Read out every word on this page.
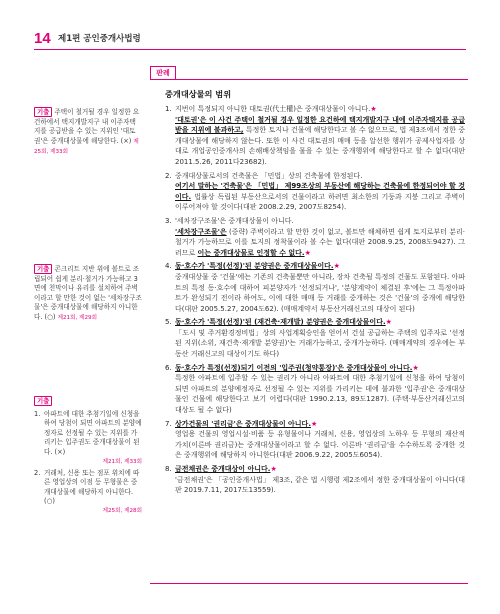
14 제1편 공인중개사법령
기출 주택이 철거될 경우 일정한 요건하에서 택지개발지구 내 이주자택지를 공급받을 수 있는 지위인 '대토권'은 중개대상물에 해당한다. (×) 제25회, 제33회
기출 콘크리트 지반 위에 볼트로 조립되어 쉽게 분리·철거가 가능하고 3면에 천막이나 유리를 설치하여 주벽이라고 할 만한 것이 없는 '세차장구조물'은 중개대상물에 해당하지 아니한다. (○) 제21회, 제29회
기출
1. 아파트에 대한 추첨기일에 신청을 하여 당첨이 되면 아파트의 분양예정자로 선정될 수 있는 지위를 가리키는 입주권도 중개대상물이 된다. (×)
제21회, 제33회
2. 거래처, 신용 또는 점포 위치에 따른 영업상의 이점 등 무형물은 중개대상물에 해당하지 아니한다. (○)
제25회, 제28회
판례
중개대상물의 범위
1. 지번이 특정되지 아니한 대토권(代土權)은 중개대상물이 아니다.★
'대토권'은 이 사건 주택이 철거될 경우 일정한 요건하에 택지개발지구 내에 이주자택지를 공급받을 지위에 불과하고, 특정한 토지나 건물에 해당한다고 볼 수 없으므로, 법 제3조에서 정한 중개대상물에 해당하지 않는다. 또한 이 사건 대토권의 매매 등을 알선한 행위가 공제사업자를 상대로 개업공인중개사의 손해배상책임을 물을 수 있는 중개행위에 해당한다고 할 수 없다(대판 2011.5.26, 2011다23682).
2. 중개대상물로서의 건축물은 「민법」상의 건축물에 한정된다.
여기서 말하는 '건축물'은 「민법」 제99조상의 부동산에 해당하는 건축물에 한정되어야 할 것이다. 법률상 독립된 부동산으로서의 건물이라고 하려면 최소한의 기둥과 지붕 그리고 주벽이 이루어져야 할 것이다(대판 2008.2.29, 2007도8254).
3. '세차장구조물'은 중개대상물이 아니다.
'세차장구조물'은 (중략) 주벽이라고 할 만한 것이 없고, 볼트만 해체하면 쉽게 토지로부터 분리·철거가 가능하므로 이를 토지의 정착물이라 볼 수는 없다(대판 2008.9.25, 2008도9427). 그러므로 이는 중개대상물로 인정할 수 없다.★
4. 동·호수가 '특정(선정)'된 분양권은 중개대상물이다.★
중개대상물 중 '건물'에는 기존의 건축물뿐만 아니라, 장차 건축될 특정의 건물도 포함된다. 아파트의 특정 동·호수에 대하여 피분양자가 '선정되거나', '분양계약이 체결된 후'에는 그 특정아파트가 완성되기 전이라 하여도, 이에 대한 매매 등 거래를 중개하는 것은 '건물'의 중개에 해당한다(대판 2005.5.27, 2004도62). (매매계약서 부동산거래신고의 대상이 된다)
5. 동·호수가 '특정(선정)'된 (재건축·재개발) 분양권은 중개대상물이다.★
「도시 및 주거환경정비법」상의 사업계획승인을 얻어서 건설 공급하는 주택의 입주자로 '선정된 지위(소위, 재건축·재개발 분양권)'는 거래가능하고, 중개가능하다. (매매계약의 경우에는 부동산 거래신고의 대상이기도 하다)
6. 동·호수가 특정(선정)되기 이전의 '입주권(청약통장)'은 중개대상물이 아니다.★
특정한 아파트에 입주할 수 있는 권리가 아니라 아파트에 대한 추첨기일에 신청을 하여 당첨이 되면 아파트의 분양예정자로 선정될 수 있는 지위를 가리키는 데에 불과한 '입주권'은 중개대상물인 건물에 해당한다고 보기 어렵다(대판 1990.2.13, 89도1287). (주택·부동산거래신고의 대상도 될 수 없다)
7. 상가건물의 '권리금'은 중개대상물이 아니다.★
영업용 건물의 영업시설·비품 등 유형물이나 거래처, 신용, 영업상의 노하우 등 무형의 재산적 가치(이른바 권리금)는 중개대상물이라고 할 수 없다. 이른바 '권리금'을 수수하도록 중개한 것은 중개행위에 해당하지 아니한다(대판 2006.9.22, 2005도6054).
8. 금전채권은 중개대상이 아니다.★
'금전채권'은 「공인중개사법」 제3조, 같은 법 시행령 제2조에서 정한 중개대상물이 아니다(대판 2019.7.11, 2017도13559).
